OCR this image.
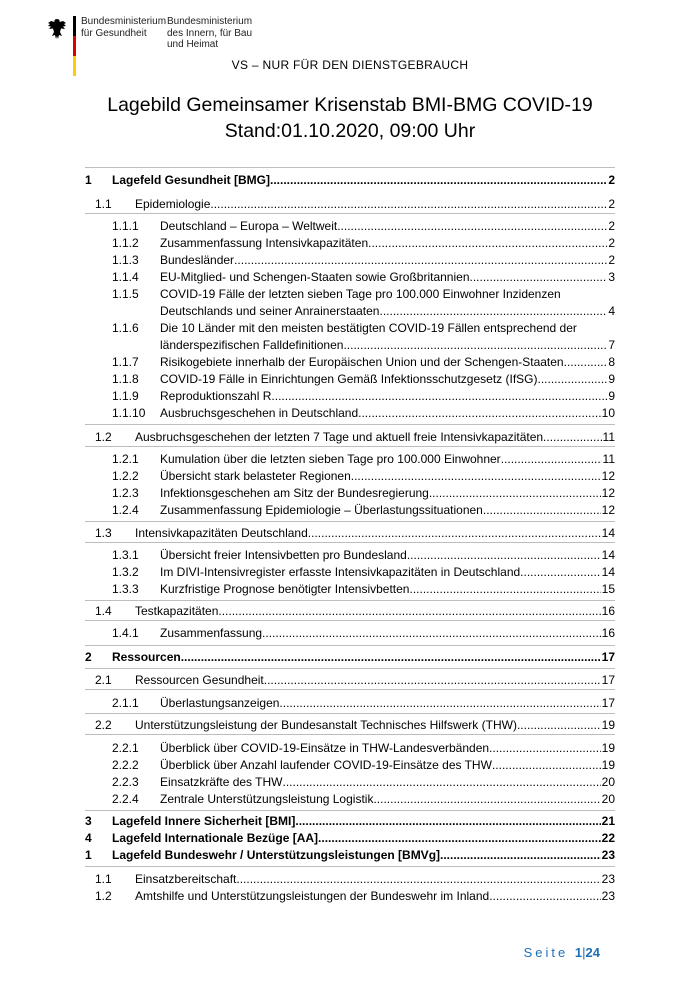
Bundesministerium
für Gesundheit
Bundesministerium
des Innern, für Bau
und Heimat
VS – NUR FÜR DEN DIENSTGEBRAUCH
Lagebild Gemeinsamer Krisenstab BMI-BMG COVID-19
Stand:01.10.2020, 09:00 Uhr
1 Lagefeld Gesundheit [BMG] .....	2
1.1 Epidemiologie .....	2
1.1.1 Deutschland – Europa – Weltweit .....	2
1.1.2 Zusammenfassung Intensivkapazitäten .....	2
1.1.3 Bundesländer .....	2
1.1.4 EU-Mitglied- und Schengen-Staaten sowie Großbritannien .....	3
1.1.5 COVID-19 Fälle der letzten sieben Tage pro 100.000 Einwohner Inzidenzen
Deutschlands und seiner Anrainerstaaten .....	4
1.1.6 Die 10 Länder mit den meisten bestätigten COVID-19 Fällen entsprechend der
länderspezifischen Falldefinitionen .....	7
1.1.7 Risikogebiete innerhalb der Europäischen Union und der Schengen-Staaten .....	8
1.1.8 COVID-19 Fälle in Einrichtungen Gemäß Infektionsschutzgesetz (IfSG) .....	9
1.1.9 Reproduktionszahl R .....	9
1.1.10 Ausbruchsgeschehen in Deutschland .....	10
1.2 Ausbruchsgeschehen der letzten 7 Tage und aktuell freie Intensivkapazitäten .....	11
1.2.1 Kumulation über die letzten sieben Tage pro 100.000 Einwohner .....	11
1.2.2 Übersicht stark belasteter Regionen .....	12
1.2.3 Infektionsgeschehen am Sitz der Bundesregierung .....	12
1.2.4 Zusammenfassung Epidemiologie – Überlastungssituationen .....	12
1.3 Intensivkapazitäten Deutschland .....	14
1.3.1 Übersicht freier Intensivbetten pro Bundesland .....	14
1.3.2 Im DIVI-Intensivregister erfasste Intensivkapazitäten in Deutschland .....	14
1.3.3 Kurzfristige Prognose benötigter Intensivbetten .....	15
1.4 Testkapazitäten .....	16
1.4.1 Zusammenfassung .....	16
2 Ressourcen .....	17
2.1 Ressourcen Gesundheit .....	17
2.1.1 Überlastungsanzeigen .....	17
2.2 Unterstützungsleistung der Bundesanstalt Technisches Hilfswerk (THW) .....	19
2.2.1 Überblick über COVID-19-Einsätze in THW-Landesverbänden .....	19
2.2.2 Überblick über Anzahl laufender COVID-19-Einsätze des THW .....	19
2.2.3 Einsatzkräfte des THW .....	20
2.2.4 Zentrale Unterstützungsleistung Logistik .....	20
3 Lagefeld Innere Sicherheit [BMI] .....	21
4 Lagefeld Internationale Bezüge [AA] .....	22
1 Lagefeld Bundeswehr / Unterstützungsleistungen [BMVg] .....	23
1.1 Einsatzbereitschaft .....	23
1.2 Amtshilfe und Unterstützungsleistungen der Bundeswehr im Inland .....	23
Seite 1|24
